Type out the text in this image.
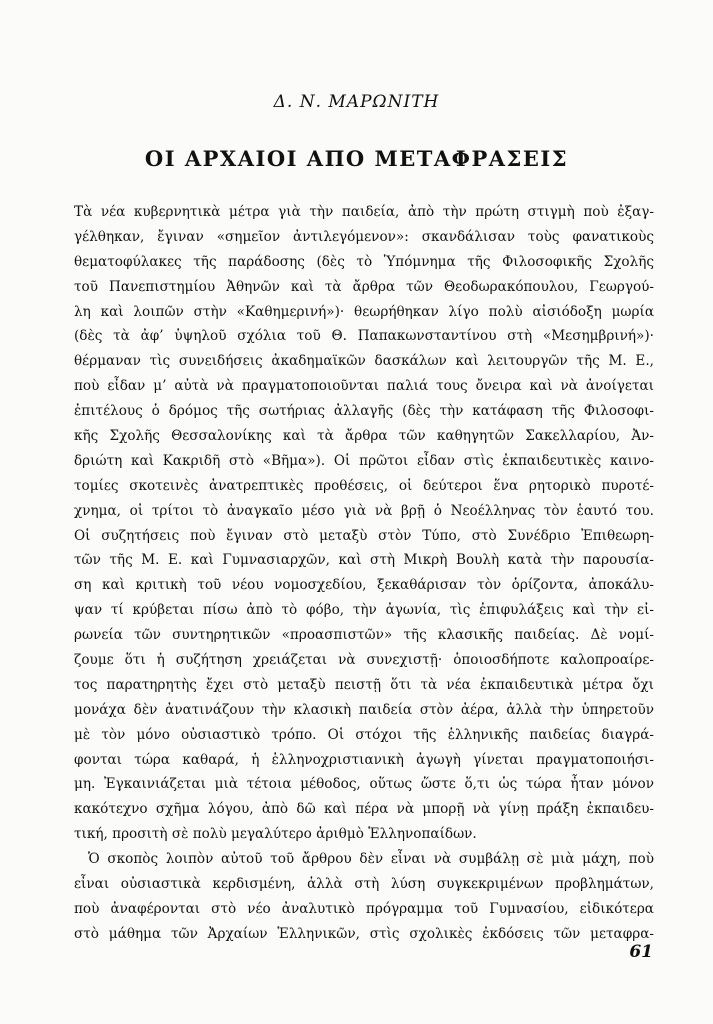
Δ. Ν. ΜΑΡΩΝΙΤΗ
ΟΙ ΑΡΧΑΙΟΙ ΑΠΟ ΜΕΤΑΦΡΑΣΕΙΣ
Τὰ νέα κυβερνητικὰ μέτρα γιὰ τὴν παιδεία, ἀπὸ τὴν πρώτη στιγμὴ ποὺ ἐξαγ-
γέλθηκαν, ἔγιναν «σημεῖον ἀντιλεγόμενον»: σκανδάλισαν τοὺς φανατικοὺς
θεματοφύλακες τῆς παράδοσης (δὲς τὸ Ὑπόμνημα τῆς Φιλοσοφικῆς Σχολῆς
τοῦ Πανεπιστημίου Ἀθηνῶν καὶ τὰ ἄρθρα τῶν Θεοδωρακόπουλου, Γεωργού-
λη καὶ λοιπῶν στὴν «Καθημερινή»)· θεωρήθηκαν λίγο πολὺ αἰσιόδοξη μωρία
(δὲς τὰ ἀφ’ ὑψηλοῦ σχόλια τοῦ Θ. Παπακωνσταντίνου στὴ «Μεσημβρινή»)·
θέρμαναν τὶς συνειδήσεις ἀκαδημαϊκῶν δασκάλων καὶ λειτουργῶν τῆς Μ. Ε.,
ποὺ εἶδαν μ’ αὐτὰ νὰ πραγματοποιοῦνται παλιά τους ὄνειρα καὶ νὰ ἀνοίγεται
ἐπιτέλους ὁ δρόμος τῆς σωτήριας ἀλλαγῆς (δὲς τὴν κατάφαση τῆς Φιλοσοφι-
κῆς Σχολῆς Θεσσαλονίκης καὶ τὰ ἄρθρα τῶν καθηγητῶν Σακελλαρίου, Ἀν-
δριώτη καὶ Κακριδῆ στὸ «Βῆμα»). Οἱ πρῶτοι εἶδαν στὶς ἐκπαιδευτικὲς καινο-
τομίες σκοτεινὲς ἀνατρεπτικὲς προθέσεις, οἱ δεύτεροι ἕνα ρητορικὸ πυροτέ-
χνημα, οἱ τρίτοι τὸ ἀναγκαῖο μέσο γιὰ νὰ βρῇ ὁ Νεοέλληνας τὸν ἑαυτό του.
Οἱ συζητήσεις ποὺ ἔγιναν στὸ μεταξὺ στὸν Τύπο, στὸ Συνέδριο Ἐπιθεωρη-
τῶν τῆς Μ. Ε. καὶ Γυμνασιαρχῶν, καὶ στὴ Μικρὴ Βουλὴ κατὰ τὴν παρουσία-
ση καὶ κριτικὴ τοῦ νέου νομοσχεδίου, ξεκαθάρισαν τὸν ὁρίζοντα, ἀποκάλυ-
ψαν τί κρύβεται πίσω ἀπὸ τὸ φόβο, τὴν ἀγωνία, τὶς ἐπιφυλάξεις καὶ τὴν εἰ-
ρωνεία τῶν συντηρητικῶν «προασπιστῶν» τῆς κλασικῆς παιδείας. Δὲ νομί-
ζουμε ὅτι ἡ συζήτηση χρειάζεται νὰ συνεχιστῇ· ὁποιοσδήποτε καλοπροαίρε-
τος παρατηρητὴς ἔχει στὸ μεταξὺ πειστῇ ὅτι τὰ νέα ἐκπαιδευτικὰ μέτρα ὄχι
μονάχα δὲν ἀνατινάζουν τὴν κλασικὴ παιδεία στὸν ἀέρα, ἀλλὰ τὴν ὑπηρετοῦν
μὲ τὸν μόνο οὐσιαστικὸ τρόπο. Οἱ στόχοι τῆς ἑλληνικῆς παιδείας διαγρά-
φονται τώρα καθαρά, ἡ ἑλληνοχριστιανικὴ ἀγωγὴ γίνεται πραγματοποιήσι-
μη. Ἐγκαινιάζεται μιὰ τέτοια μέθοδος, οὕτως ὥστε ὅ,τι ὡς τώρα ἦταν μόνον
κακότεχνο σχῆμα λόγου, ἀπὸ δῶ καὶ πέρα νὰ μπορῇ νὰ γίνῃ πράξη ἐκπαιδευ-
τική, προσιτὴ σὲ πολὺ μεγαλύτερο ἀριθμὸ Ἑλληνοπαίδων.
Ὁ σκοπὸς λοιπὸν αὐτοῦ τοῦ ἄρθρου δὲν εἶναι νὰ συμβάλῃ σὲ μιὰ μάχη, ποὺ
εἶναι οὐσιαστικὰ κερδισμένη, ἀλλὰ στὴ λύση συγκεκριμένων προβλημάτων,
ποὺ ἀναφέρονται στὸ νέο ἀναλυτικὸ πρόγραμμα τοῦ Γυμνασίου, εἰδικότερα
στὸ μάθημα τῶν Ἀρχαίων Ἑλληνικῶν, στὶς σχολικὲς ἐκδόσεις τῶν μεταφρα-
61
